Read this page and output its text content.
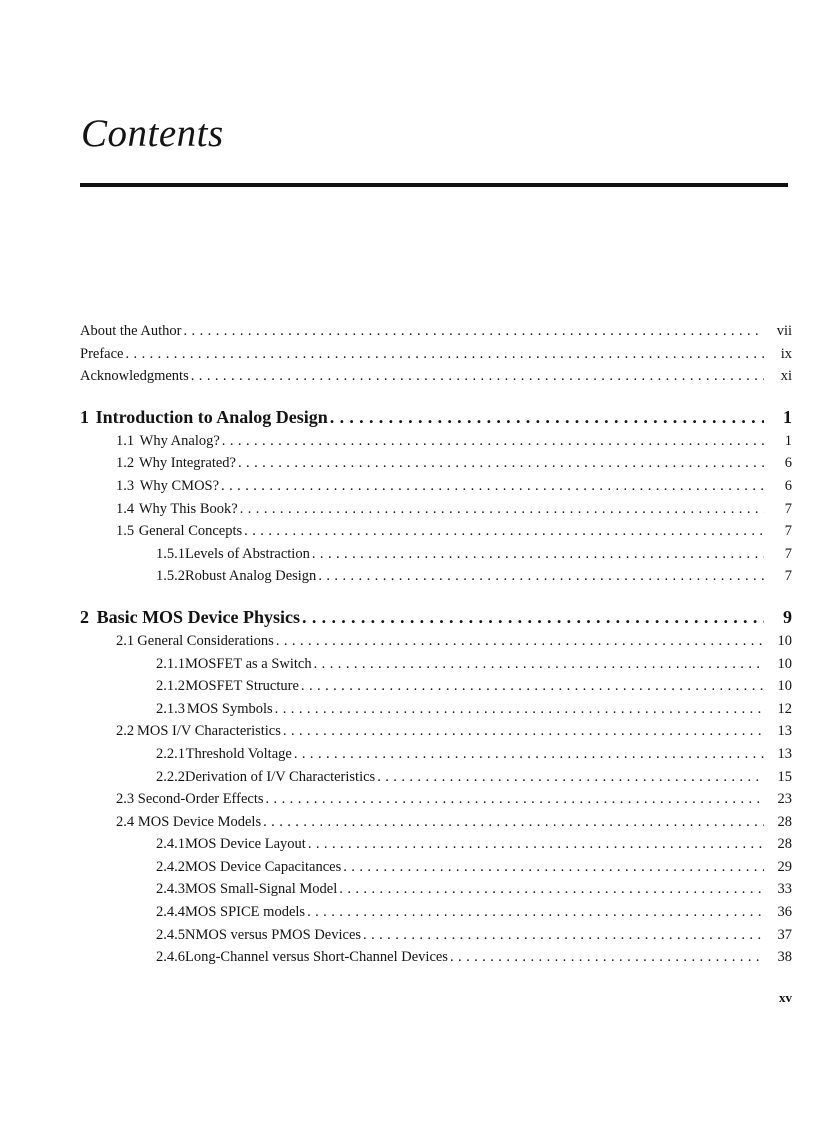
Contents
About the Author . . .	vii
Preface . . .	ix
Acknowledgments . . .	xi
1 Introduction to Analog Design . . .	1
1.1 Why Analog? . . .	1
1.2 Why Integrated? . . .	6
1.3 Why CMOS? . . .	6
1.4 Why This Book? . . .	7
1.5 General Concepts . . .	7
1.5.1 Levels of Abstraction . . .	7
1.5.2 Robust Analog Design . . .	7
2 Basic MOS Device Physics . . .	9
2.1 General Considerations . . .	10
2.1.1 MOSFET as a Switch . . .	10
2.1.2 MOSFET Structure . . .	10
2.1.3 MOS Symbols . . .	12
2.2 MOS I/V Characteristics . . .	13
2.2.1 Threshold Voltage . . .	13
2.2.2 Derivation of I/V Characteristics . . .	15
2.3 Second-Order Effects . . .	23
2.4 MOS Device Models . . .	28
2.4.1 MOS Device Layout . . .	28
2.4.2 MOS Device Capacitances . . .	29
2.4.3 MOS Small-Signal Model . . .	33
2.4.4 MOS SPICE models . . .	36
2.4.5 NMOS versus PMOS Devices . . .	37
2.4.6 Long-Channel versus Short-Channel Devices . . .	38
xv
